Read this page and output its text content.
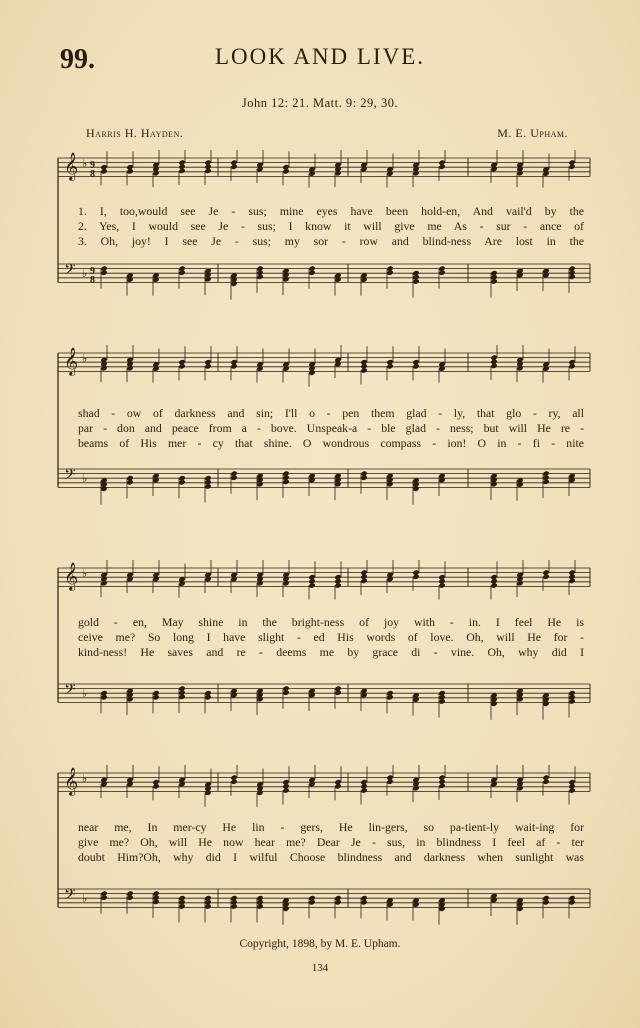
99.	LOOK AND LIVE.
John 12: 21. Matt. 9: 29, 30.
Harris H. Hayden.	M. E. Upham.
𝄞 ♭ 9
8
𝄢 ♭ 9
8
1. I, too,would see Je - sus; mine eyes have been hold-en, And vail'd by the
2. Yes, I would see Je - sus; I know it will give me As - sur - ance of
3. Oh, joy! I see Je - sus; my sor - row and blind-ness Are lost in the
𝄞 ♭
𝄢 ♭
shad - ow of darkness and sin; I'll o - pen them glad - ly, that glo - ry, all
par - don and peace from a - bove. Unspeak-a - ble glad - ness; but will He re -
beams of His mer - cy that shine. O wondrous compass - ion! O in - fi - nite
𝄞 ♭
𝄢 ♭
gold - en, May shine in the bright-ness of joy with - in. I feel He is
ceive me? So long I have slight - ed His words of love. Oh, will He for -
kind-ness! He saves and re - deems me by grace di - vine. Oh, why did I
𝄞 ♭
𝄢 ♭
near me, In mer-cy He lin - gers, He lin-gers, so pa-tient-ly wait-ing for
give me? Oh, will He now hear me? Dear Je - sus, in blindness I feel af - ter
doubt Him?Oh, why did I wilful Choose blindness and darkness when sunlight was
Copyright, 1898, by M. E. Upham.
134
